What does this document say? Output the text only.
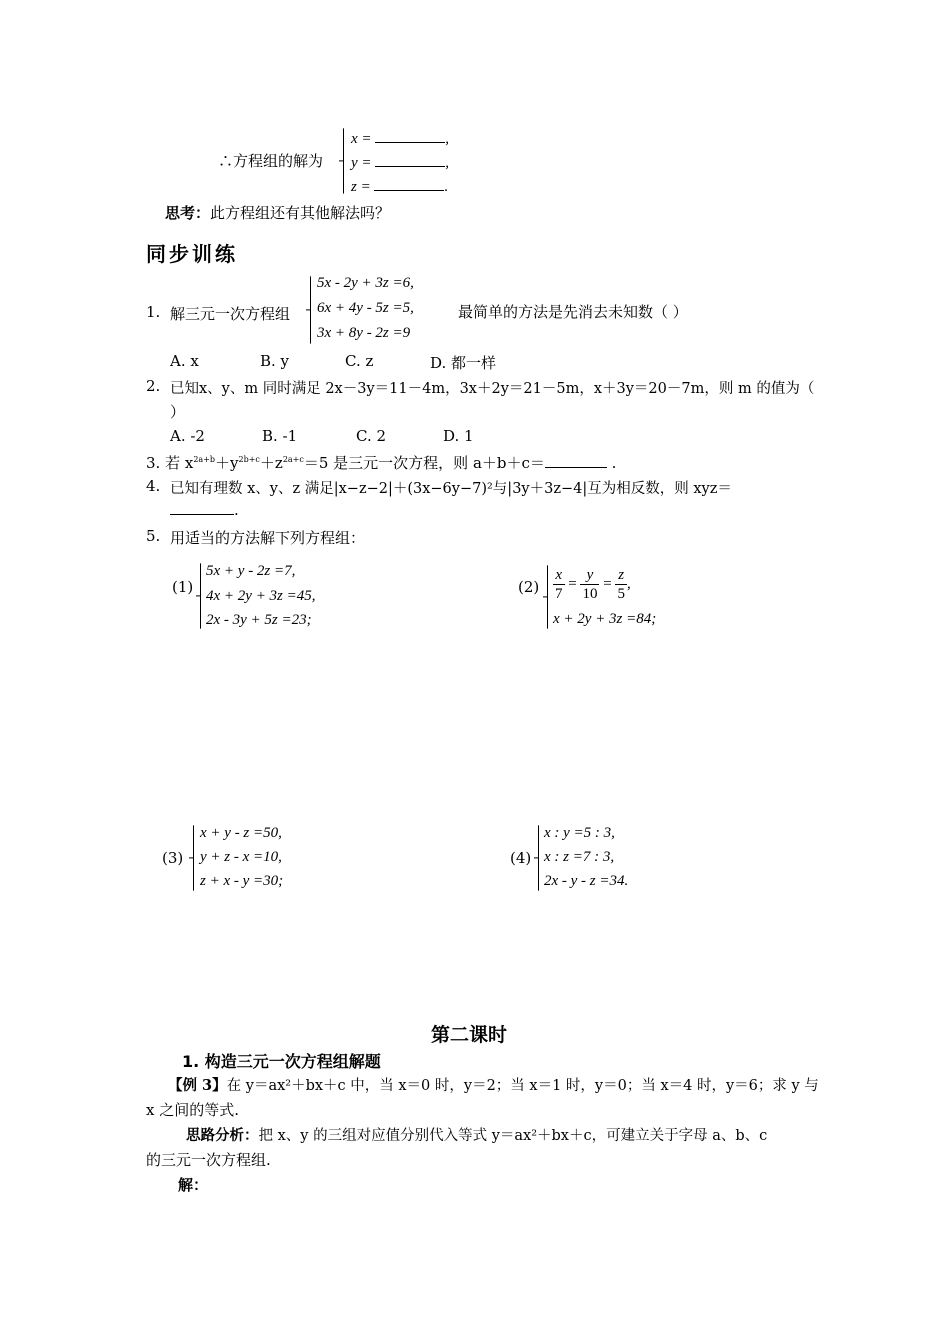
∴方程组的解为
x =	,
y =	,
z =	.
思考：此方程组还有其他解法吗？
同步训练
1. 解三元一次方程组
5x - 2y + 3z =6,
6x + 4y - 5z =5,
3x + 8y - 2z =9
最简单的方法是先消去未知数（ ）
A. x	B. y	C. z	D. 都一样
2. 已知x、y、m 同时满足 2x－3y＝11－4m，3x＋2y＝21－5m，x＋3y＝20－7m，则 m 的值为（
）
A. -2	B. -1	C. 2	D. 1
3. 若 $x^{2a+b}+y^{2b+c}+z^{2a+c}=5$ 是三元一次方程，则 a＋b＋c＝	.
4. 已知有理数 x、y、z 满足|x−z−2|＋(3x−6y−7)²与|3y＋3z−4|互为相反数，则 xyz＝
.
5. 用适当的方法解下列方程组：
(1)
5x + y - 2z =7,
4x + 2y + 3z =45,
2x - 3y + 5z =23;
$(2) \frac{x}{7} = \frac{y}{10} = \frac{z}{5}$ ,
x + 2y + 3z =84;
(3)
x + y - z =50,
y + z - x =10,
z + x - y =30;
(4)
x : y =5 : 3,
x : z =7 : 3,
2x - y - z =34.
第二课时
1. 构造三元一次方程组解题
【例 3】在 y＝ax²＋bx＋c 中，当 x＝0 时，y＝2；当 x＝1 时，y＝0；当 x＝4 时，y＝6；求 y 与
x 之间的等式.
思路分析：把 x、y 的三组对应值分别代入等式 y＝ax²＋bx＋c，可建立关于字母 a、b、c
的三元一次方程组.
解：
